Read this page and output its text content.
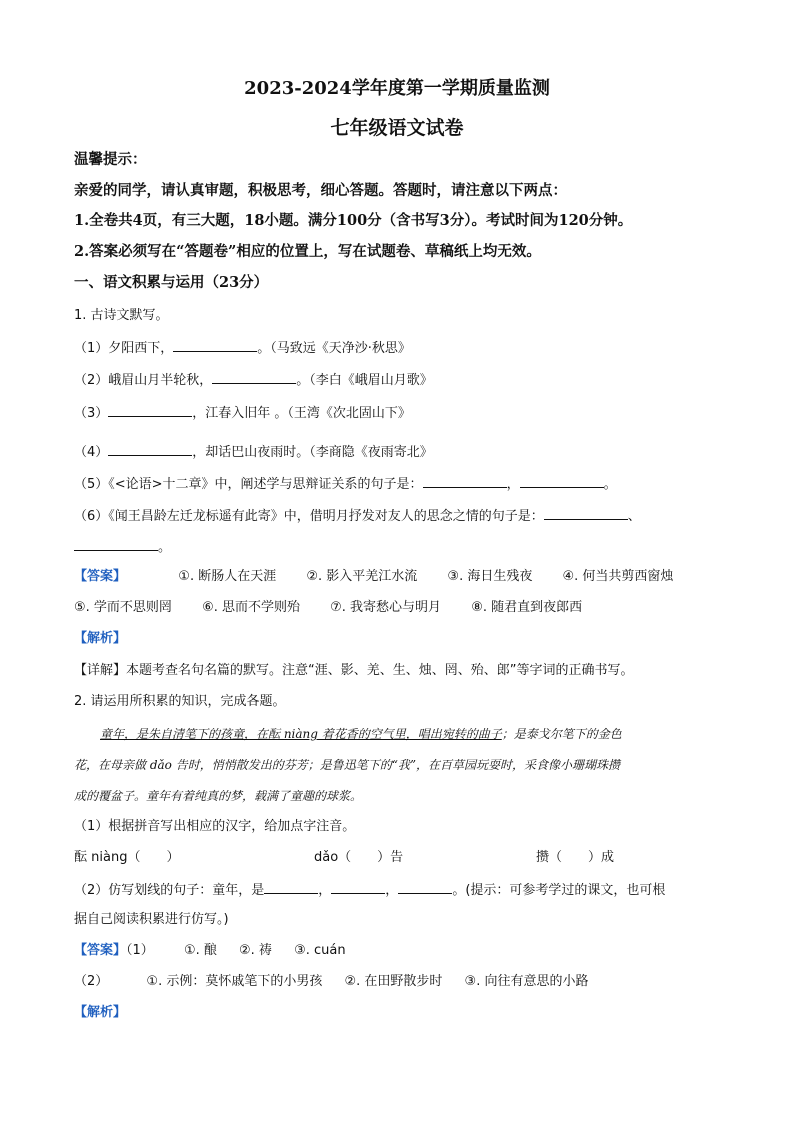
2023-2024学年度第一学期质量监测
七年级语文试卷
温馨提示：
亲爱的同学，请认真审题，积极思考，细心答题。答题时，请注意以下两点：
1.全卷共4页，有三大题，18小题。满分100分（含书写3分）。考试时间为120分钟。
2.答案必须写在“答题卷”相应的位置上，写在试题卷、草稿纸上均无效。
一、语文积累与运用（23分）
1. 古诗文默写。
（1）夕阳西下，	。（马致远《天净沙·秋思》
（2）峨眉山月半轮秋，	。（李白《峨眉山月歌》
（3）	，江春入旧年 。（王湾《次北固山下》
（4）	，却话巴山夜雨时。（李商隐《夜雨寄北》
（5）《<论语>十二章》中，阐述学与思辩证关系的句子是：	，	。
（6）《闻王昌龄左迁龙标遥有此寄》中，借明月抒发对友人的思念之情的句子是：	、
。
【答案】	①. 断肠人在天涯 ②. 影入平羌江水流 ③. 海日生残夜 ④. 何当共剪西窗烛
⑤. 学而不思则罔 ⑥. 思而不学则殆 ⑦. 我寄愁心与明月 ⑧. 随君直到夜郎西
【解析】
【详解】本题考查名句名篇的默写。注意“涯、影、羌、生、烛、罔、殆、郎”等字词的正确书写。
2. 请运用所积累的知识，完成各题。
童年，是朱自清笔下的孩童，在酝 niàng 着花香的空气里，唱出宛转的曲子；是泰戈尔笔下的金色
花，在母亲做 dǎo 告时，悄悄散发出的芬芳；是鲁迅笔下的“我”，在百草园玩耍时，采食像小珊瑚珠攒
成的覆盆子。童年有着纯真的梦，载满了童趣的球浆。
（1）根据拼音写出相应的汉字，给加点字注音。
酝 niàng（　　）	dǎo（　　）告	攒（　　）成
（2）仿写划线的句子：童年，是	，	，	。(提示：可参考学过的课文，也可根
据自己阅读积累进行仿写。)
【答案】（1） ①. 酿 ②. 祷 ③. cuán
（2）	①. 示例：莫怀戚笔下的小男孩 ②. 在田野散步时 ③. 向往有意思的小路
【解析】
